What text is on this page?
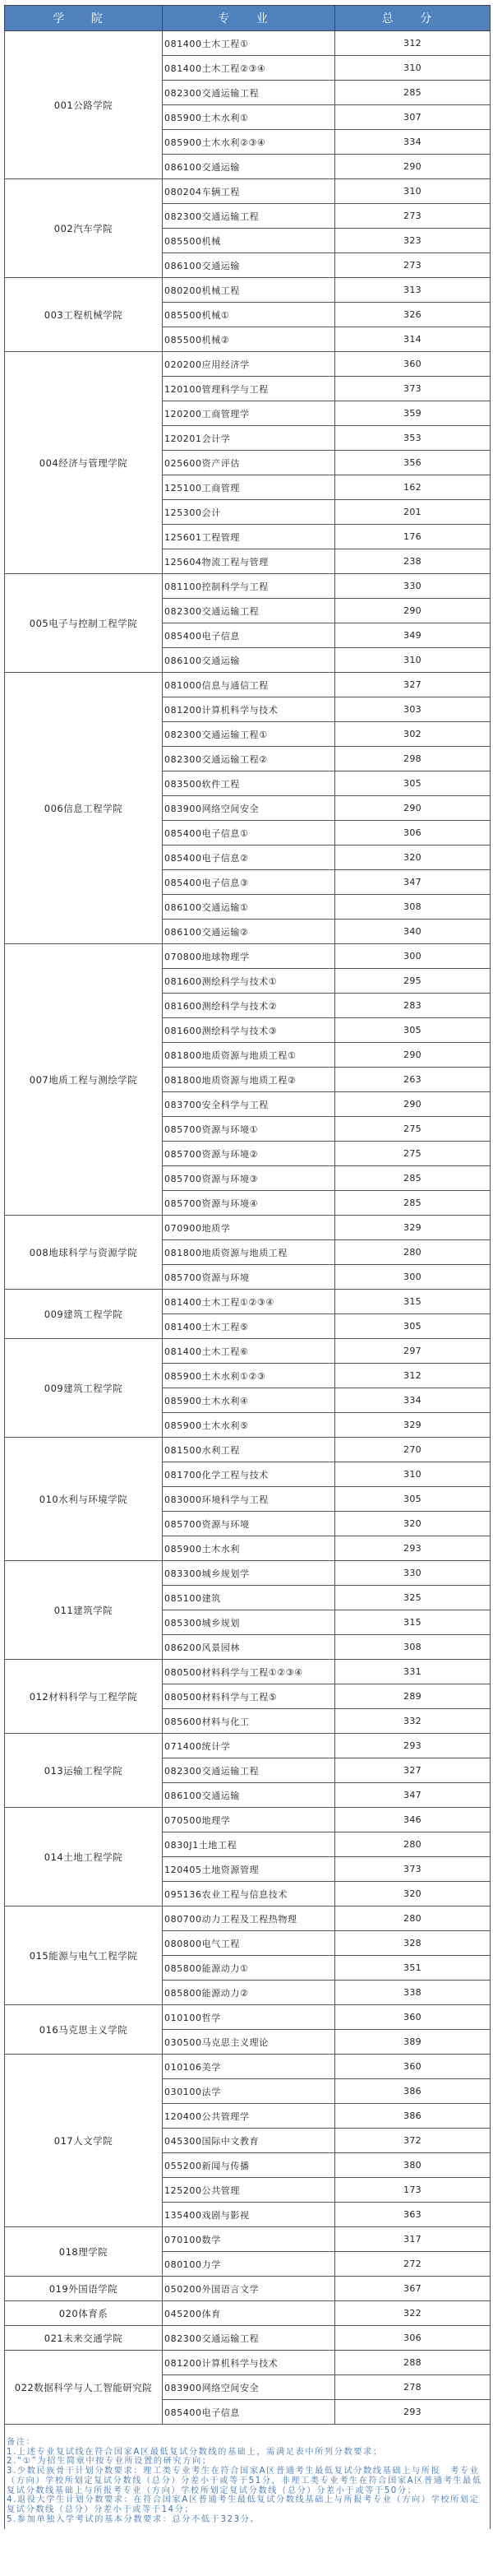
学 院	专 业	总 分
001公路学院	081400土木工程①	312
	081400土木工程②③④	310
	082300交通运输工程	285
	085900土木水利①	307
	085900土木水利②③④	334
	086100交通运输	290
002汽车学院	080204车辆工程	310
	082300交通运输工程	273
	085500机械	323
	086100交通运输	273
003工程机械学院	080200机械工程	313
	085500机械①	326
	085500机械②	314
004经济与管理学院	020200应用经济学	360
	120100管理科学与工程	373
	120200工商管理学	359
	120201会计学	353
	025600资产评估	356
	125100工商管理	162
	125300会计	201
	125601工程管理	176
	125604物流工程与管理	238
005电子与控制工程学院	081100控制科学与工程	330
	082300交通运输工程	290
	085400电子信息	349
	086100交通运输	310
006信息工程学院	081000信息与通信工程	327
	081200计算机科学与技术	303
	082300交通运输工程①	302
	082300交通运输工程②	298
	083500软件工程	305
	083900网络空间安全	290
	085400电子信息①	306
	085400电子信息②	320
	085400电子信息③	347
	086100交通运输①	308
	086100交通运输②	340
007地质工程与测绘学院	070800地球物理学	300
	081600测绘科学与技术①	295
	081600测绘科学与技术②	283
	081600测绘科学与技术③	305
	081800地质资源与地质工程①	290
	081800地质资源与地质工程②	263
	083700安全科学与工程	290
	085700资源与环境①	275
	085700资源与环境②	275
	085700资源与环境③	285
	085700资源与环境④	285
008地球科学与资源学院	070900地质学	329
	081800地质资源与地质工程	280
	085700资源与环境	300
009建筑工程学院	081400土木工程①②③④	315
	081400土木工程⑤	305
009建筑工程学院	081400土木工程⑥	297
	085900土木水利①②③	312
	085900土木水利④	334
	085900土木水利⑤	329
010水利与环境学院	081500水利工程	270
	081700化学工程与技术	310
	083000环境科学与工程	305
	085700资源与环境	320
	085900土木水利	293
011建筑学院	083300城乡规划学	330
	085100建筑	325
	085300城乡规划	315
	086200风景园林	308
012材料科学与工程学院	080500材料科学与工程①②③④	331
	080500材料科学与工程⑤	289
	085600材料与化工	332
013运输工程学院	071400统计学	293
	082300交通运输工程	327
	086100交通运输	347
014土地工程学院	070500地理学	346
	0830J1土地工程	280
	120405土地资源管理	373
	095136农业工程与信息技术	320
015能源与电气工程学院	080700动力工程及工程热物理	280
	080800电气工程	328
	085800能源动力①	351
	085800能源动力②	338
016马克思主义学院	010100哲学	360
	030500马克思主义理论	389
017人文学院	010106美学	360
	030100法学	386
	120400公共管理学	386
	045300国际中文教育	372
	055200新闻与传播	380
	125200公共管理	173
	135400戏剧与影视	363
018理学院	070100数学	317
	080100力学	272
019外国语学院	050200外国语言文学	367
020体育系	045200体育	322
021未来交通学院	082300交通运输工程	306
022数据科学与人工智能研究院	081200计算机科学与技术	288
	083900网络空间安全	278
	085400电子信息	293

备注：
1.上述专业复试线在符合国家A区最低复试分数线的基础上，需满足表中所列分数要求；
2.“①”为招生简章中按专业所设置的研究方向；
3.少数民族骨干计划分数要求：理工类专业考生在符合国家A区普通考生最低复试分数线基础上与所报　考专业（方向）学校所划定复试分数线（总分）分差小于或等于51分，非理工类专业考生在符合国家A区普通考生最低复试分数线基础上与所报考专业（方向）学校所划定复试分数线（总分）分差小于或等于50分；
4.退役大学生计划分数要求：在符合国家A区普通考生最低复试分数线基础上与所报考专业（方向）学校所划定复试分数线（总分）分差小于或等于14分；
5.参加单独入学考试的基本分数要求：总分不低于323分。
